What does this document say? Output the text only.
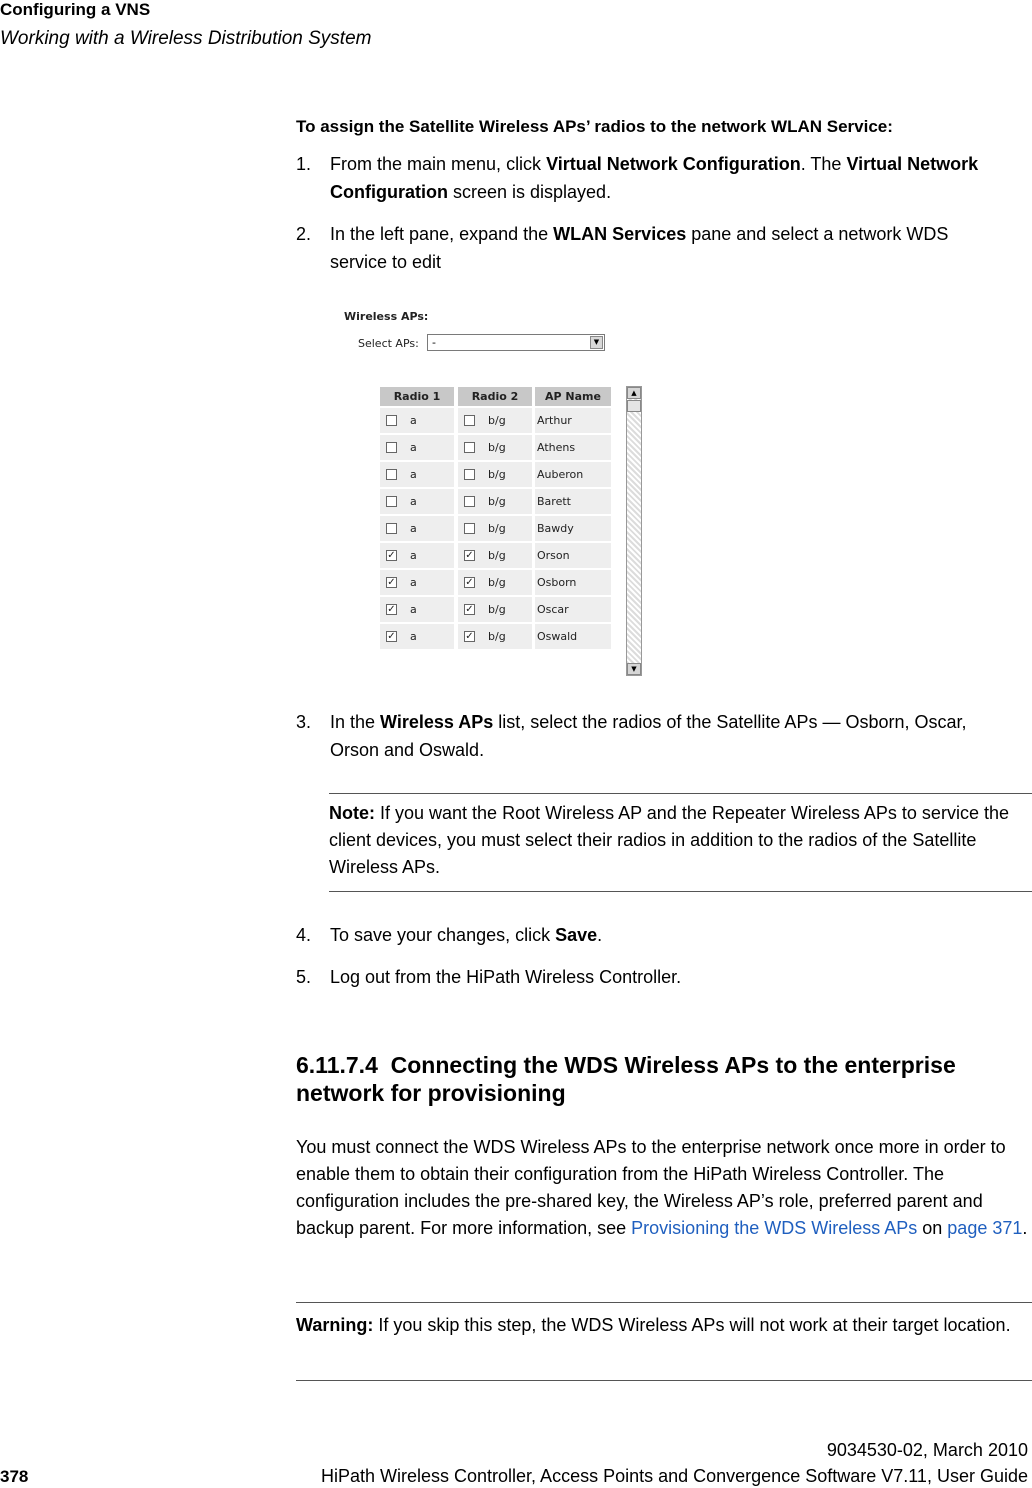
Configuring a VNS
Working with a Wireless Distribution System
To assign the Satellite Wireless APs’ radios to the network WLAN Service:
1. From the main menu, click Virtual Network Configuration. The Virtual Network Configuration screen is displayed.
2. In the left pane, expand the WLAN Services pane and select a network WDS service to edit
Wireless APs:
Select APs:	-	▼
Radio 1	Radio 2	AP Name
a	b/g	Arthur
a	b/g	Athens
a	b/g	Auberon
a	b/g	Barett
a	b/g	Bawdy
✓ a	✓ b/g	Orson
✓ a	✓ b/g	Osborn
✓ a	✓ b/g	Oscar
✓ a	✓ b/g	Oswald
▲
▼
3. In the Wireless APs list, select the radios of the Satellite APs — Osborn, Oscar, Orson and Oswald.
Note: If you want the Root Wireless AP and the Repeater Wireless APs to service the client devices, you must select their radios in addition to the radios of the Satellite Wireless APs.
4. To save your changes, click Save.
5. Log out from the HiPath Wireless Controller.
6.11.7.4 Connecting the WDS Wireless APs to the enterprise network for provisioning
You must connect the WDS Wireless APs to the enterprise network once more in order to enable them to obtain their configuration from the HiPath Wireless Controller. The configuration includes the pre-shared key, the Wireless AP’s role, preferred parent and backup parent. For more information, see Provisioning the WDS Wireless APs on page 371.
Warning: If you skip this step, the WDS Wireless APs will not work at their target location.
9034530-02, March 2010
378	HiPath Wireless Controller, Access Points and Convergence Software V7.11, User Guide
